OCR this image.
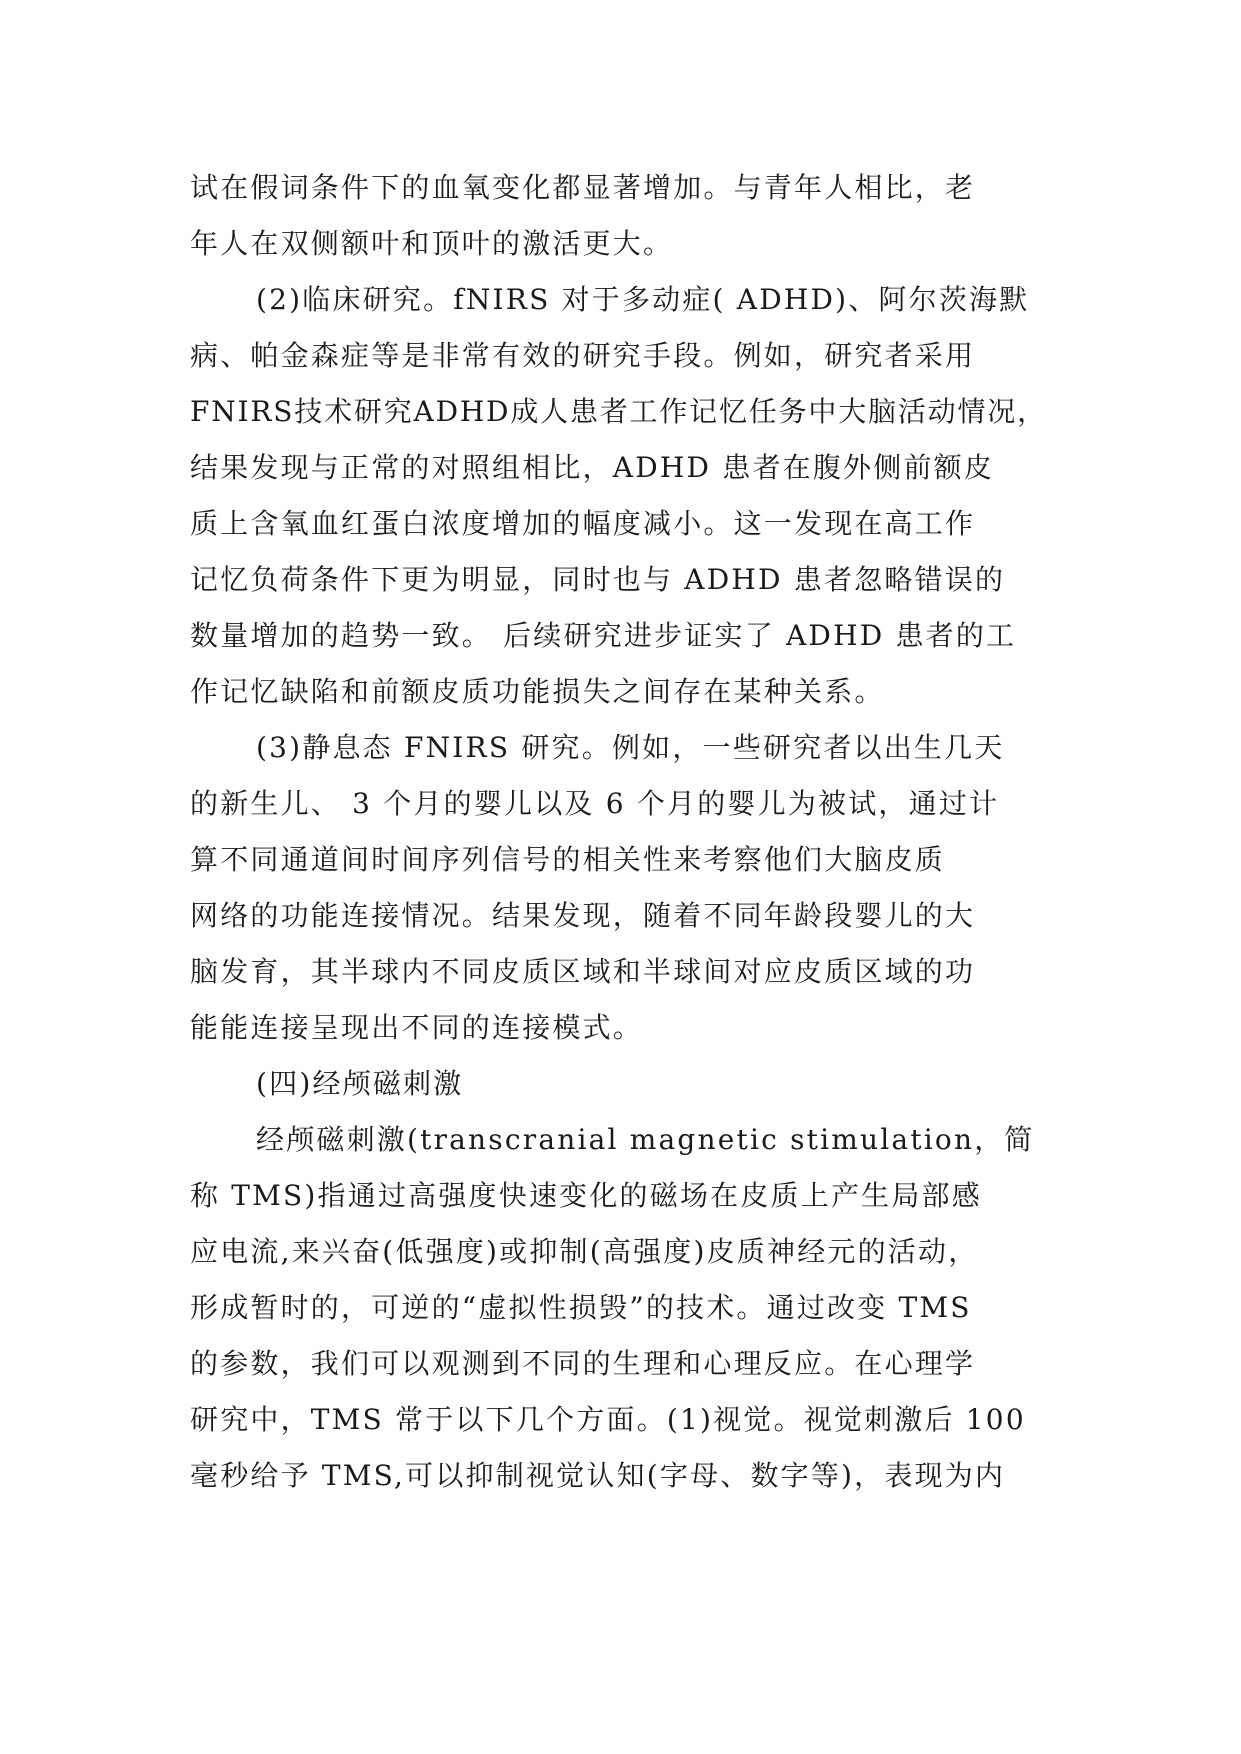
试在假词条件下的血氧变化都显著增加。与青年人相比，老
年人在双侧额叶和顶叶的激活更大。
(2)临床研究。fNIRS 对于多动症( ADHD)、阿尔茨海默
病、帕金森症等是非常有效的研究手段。例如，研究者采用
FNIRS技术研究ADHD成人患者工作记忆任务中大脑活动情况，
结果发现与正常的对照组相比，ADHD 患者在腹外侧前额皮
质上含氧血红蛋白浓度增加的幅度减小。这一发现在高工作
记忆负荷条件下更为明显，同时也与 ADHD 患者忽略错误的
数量增加的趋势一致。 后续研究进步证实了 ADHD 患者的工
作记忆缺陷和前额皮质功能损失之间存在某种关系。
(3)静息态 FNIRS 研究。例如，一些研究者以出生几天
的新生儿、 3 个月的婴儿以及 6 个月的婴儿为被试，通过计
算不同通道间时间序列信号的相关性来考察他们大脑皮质
网络的功能连接情况。结果发现，随着不同年龄段婴儿的大
脑发育，其半球内不同皮质区域和半球间对应皮质区域的功
能能连接呈现出不同的连接模式。
(四)经颅磁刺激
经颅磁刺激(transcranial magnetic stimulation，简
称 TMS)指通过高强度快速变化的磁场在皮质上产生局部感
应电流,来兴奋(低强度)或抑制(高强度)皮质神经元的活动，
形成暂时的，可逆的“虚拟性损毁”的技术。通过改变 TMS
的参数，我们可以观测到不同的生理和心理反应。在心理学
研究中，TMS 常于以下几个方面。(1)视觉。视觉刺激后 100
毫秒给予 TMS,可以抑制视觉认知(字母、数字等)，表现为内
